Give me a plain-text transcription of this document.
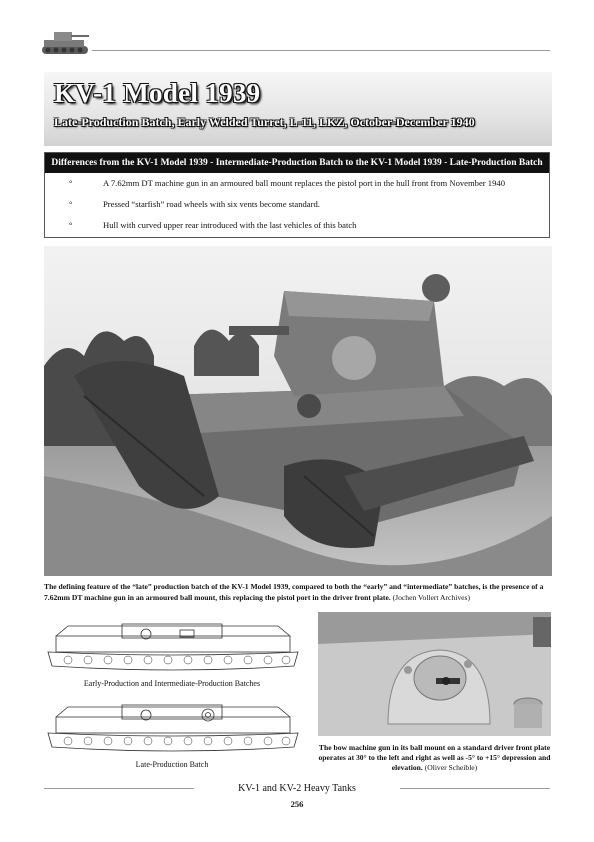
KV-1 Model 1939
Late-Production Batch, Early Welded Turret, L-11, LKZ, October-December 1940
Differences from the KV-1 Model 1939 - Intermediate-Production Batch to the KV-1 Model 1939 - Late-Production Batch
°	A 7.62mm DT machine gun in an armoured ball mount replaces the pistol port in the hull front from November 1940
°	Pressed “starfish” road wheels with six vents become standard.
°	Hull with curved upper rear introduced with the last vehicles of this batch
The defining feature of the “late” production batch of the KV-1 Model 1939, compared to both the “early” and “intermediate” batches, is the presence of a 7.62mm DT machine gun in an armoured ball mount, this replacing the pistol port in the driver front plate. (Jochen Vollert Archives)
Early-Production and Intermediate-Production Batches
Late-Production Batch
The bow machine gun in its ball mount on a standard driver front plate operates at 30° to the left and right as well as -5° to +15° depression and elevation. (Oliver Scheible)
KV-1 and KV-2 Heavy Tanks
256
